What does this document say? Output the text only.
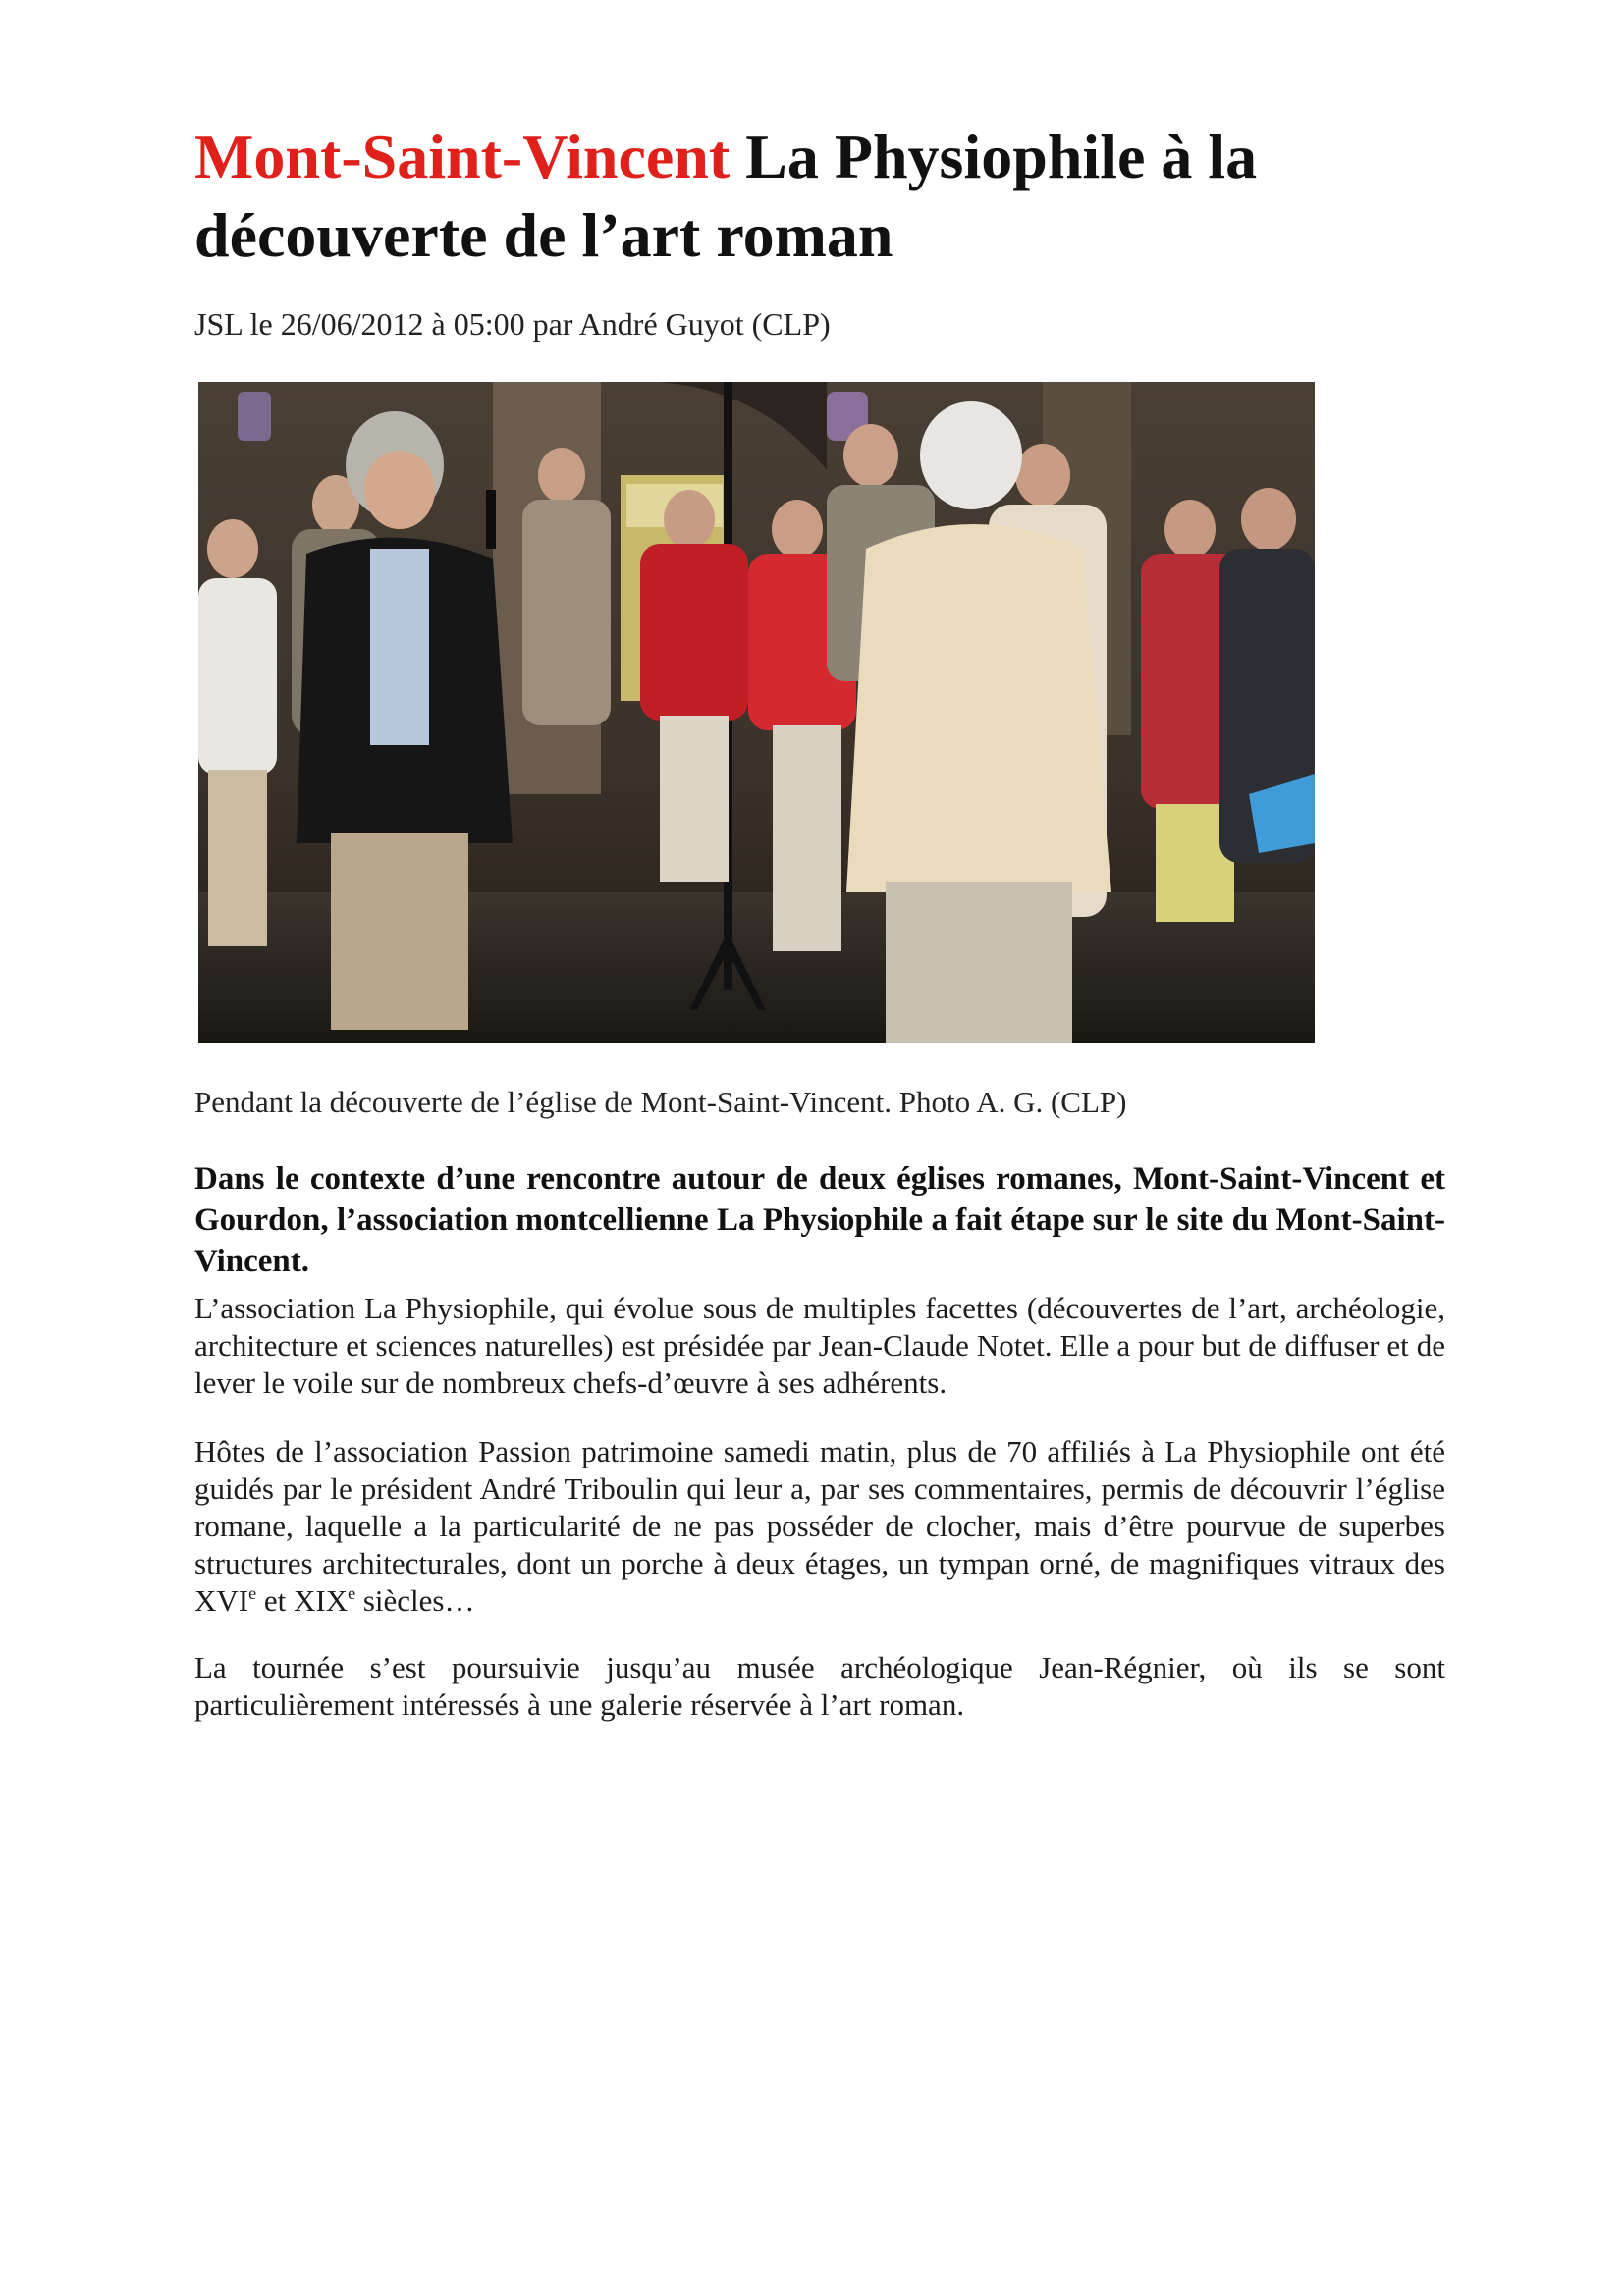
Mont-Saint-Vincent La Physiophile à la découverte de l’art roman

JSL le 26/06/2012 à 05:00 par André Guyot (CLP)

Pendant la découverte de l’église de Mont-Saint-Vincent. Photo A. G. (CLP)

Dans le contexte d’une rencontre autour de deux églises romanes, Mont-Saint-Vincent et Gourdon, l’association montcellienne La Physiophile a fait étape sur le site du Mont-Saint-Vincent.

L’association La Physiophile, qui évolue sous de multiples facettes (découvertes de l’art, archéologie, architecture et sciences naturelles) est présidée par Jean-Claude Notet. Elle a pour but de diffuser et de lever le voile sur de nombreux chefs-d’œuvre à ses adhérents.

Hôtes de l’association Passion patrimoine samedi matin, plus de 70 affiliés à La Physiophile ont été guidés par le président André Triboulin qui leur a, par ses commentaires, permis de découvrir l’église romane, laquelle a la particularité de ne pas posséder de clocher, mais d’être pourvue de superbes structures architecturales, dont un porche à deux étages, un tympan orné, de magnifiques vitraux des XVIe et XIXe siècles…

La tournée s’est poursuivie jusqu’au musée archéologique Jean-Régnier, où ils se sont particulièrement intéressés à une galerie réservée à l’art roman.
